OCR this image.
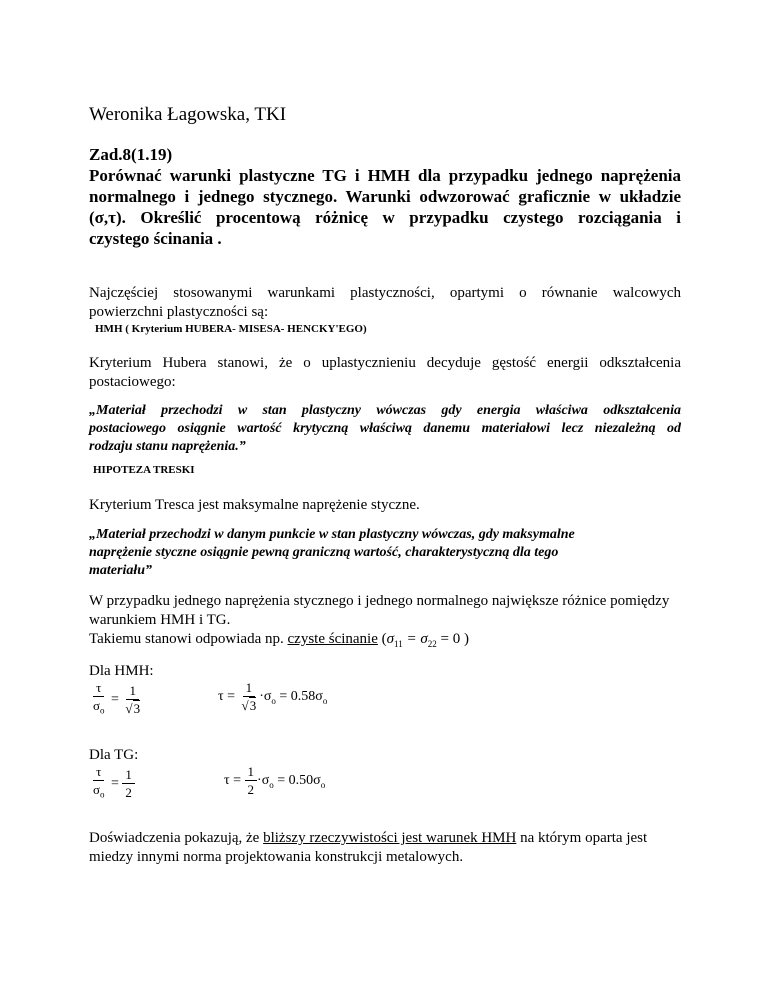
Weronika Łagowska, TKI
Zad.8(1.19)
Porównać warunki plastyczne TG i HMH dla przypadku jednego naprężenia
normalnego i jednego stycznego. Warunki odwzorować graficznie w układzie
(σ,τ). Określić procentową różnicę w przypadku czystego rozciągania i
czystego ścinania .
Najczęściej stosowanymi warunkami plastyczności, opartymi o równanie walcowych
powierzchni plastyczności są:
HMH ( Kryterium HUBERA- MISESA- HENCKY'EGO)
Kryterium Hubera stanowi, że o uplastycznieniu decyduje gęstość energii odkształcenia
postaciowego:
„Materiał przechodzi w stan plastyczny wówczas gdy energia właściwa odkształcenia
postaciowego osiągnie wartość krytyczną właściwą danemu materiałowi lecz niezależną od
rodzaju stanu naprężenia.”
HIPOTEZA TRESKI
Kryterium Tresca jest maksymalne naprężenie styczne.
„Materiał przechodzi w danym punkcie w stan plastyczny wówczas, gdy maksymalne
naprężenie styczne osiągnie pewną graniczną wartość, charakterystyczną dla tego
materiału”
W przypadku jednego naprężenia stycznego i jednego normalnego największe różnice pomiędzy
warunkiem HMH i TG.
Takiemu stanowi odpowiada np. czyste ścinanie ($\sigma_{11} = \sigma_{22} = 0$ )
Dla HMH:
$\frac{\tau}{\sigma_o} = \frac{1}{√3}$	$\tau = \frac{1}{√3} \cdot\sigma_o = 0.58\sigma_o$
Dla TG:
$\frac{\tau}{\sigma_o} = \frac{1}{2}$	$\tau = \frac{1}{2} \cdot\sigma_o = 0.50\sigma_o$
Doświadczenia pokazują, że bliższy rzeczywistości jest warunek HMH na którym oparta jest
miedzy innymi norma projektowania konstrukcji metalowych.
